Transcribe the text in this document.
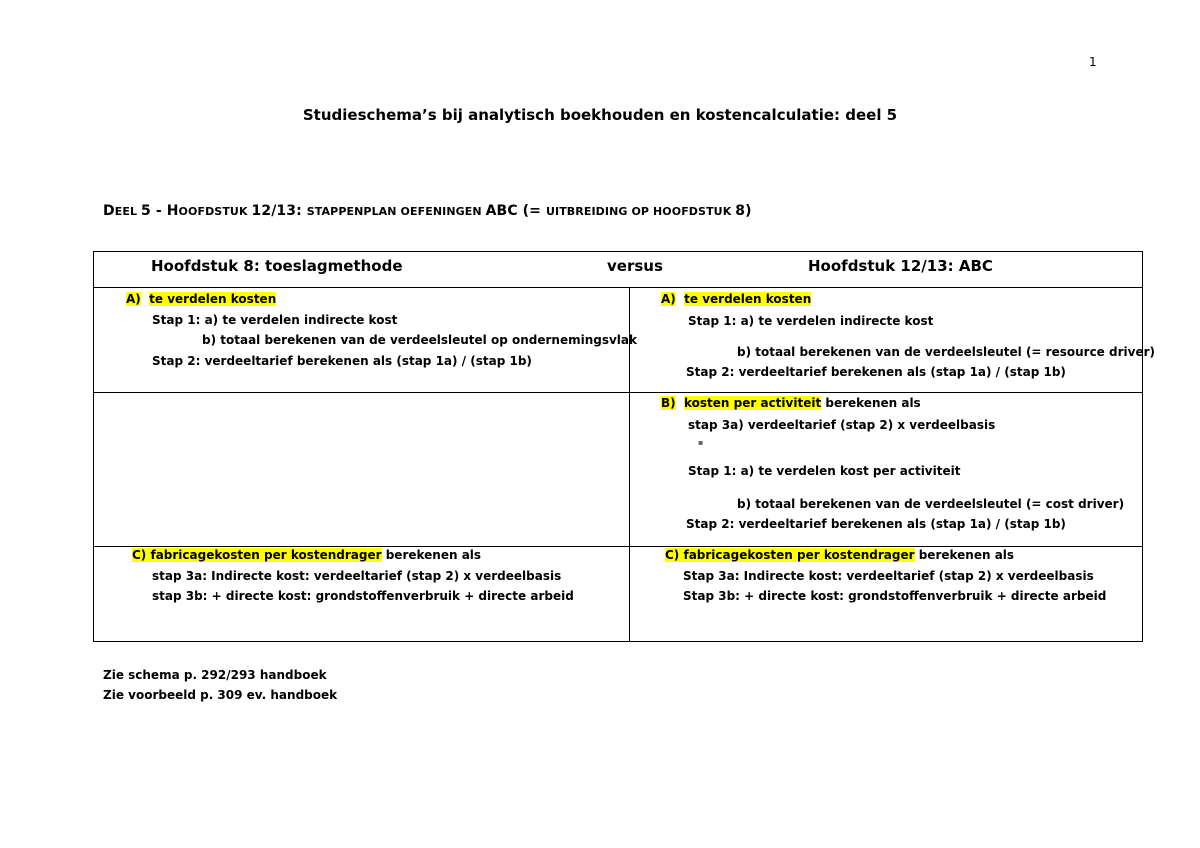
1
Studieschema’s bij analytisch boekhouden en kostencalculatie: deel 5
DEEL 5 - HOOFDSTUK 12/13: STAPPENPLAN OEFENINGEN ABC (= UITBREIDING OP HOOFDSTUK 8)
Hoofdstuk 8: toeslagmethode	versus	Hoofdstuk 12/13: ABC
A) te verdelen kosten
Stap 1: a) te verdelen indirecte kost
b) totaal berekenen van de verdeelsleutel op ondernemingsvlak
Stap 2: verdeeltarief berekenen als (stap 1a) / (stap 1b)
A) te verdelen kosten
Stap 1: a) te verdelen indirecte kost
b) totaal berekenen van de verdeelsleutel (= resource driver)
Stap 2: verdeeltarief berekenen als (stap 1a) / (stap 1b)
B) kosten per activiteit berekenen als
stap 3a) verdeeltarief (stap 2) x verdeelbasis
▪
Stap 1: a) te verdelen kost per activiteit
b) totaal berekenen van de verdeelsleutel (= cost driver)
Stap 2: verdeeltarief berekenen als (stap 1a) / (stap 1b)
C) fabricagekosten per kostendrager berekenen als
stap 3a: Indirecte kost: verdeeltarief (stap 2) x verdeelbasis
stap 3b: + directe kost: grondstoffenverbruik + directe arbeid
C) fabricagekosten per kostendrager berekenen als
Stap 3a: Indirecte kost: verdeeltarief (stap 2) x verdeelbasis
Stap 3b: + directe kost: grondstoffenverbruik + directe arbeid
Zie schema p. 292/293 handboek
Zie voorbeeld p. 309 ev. handboek
